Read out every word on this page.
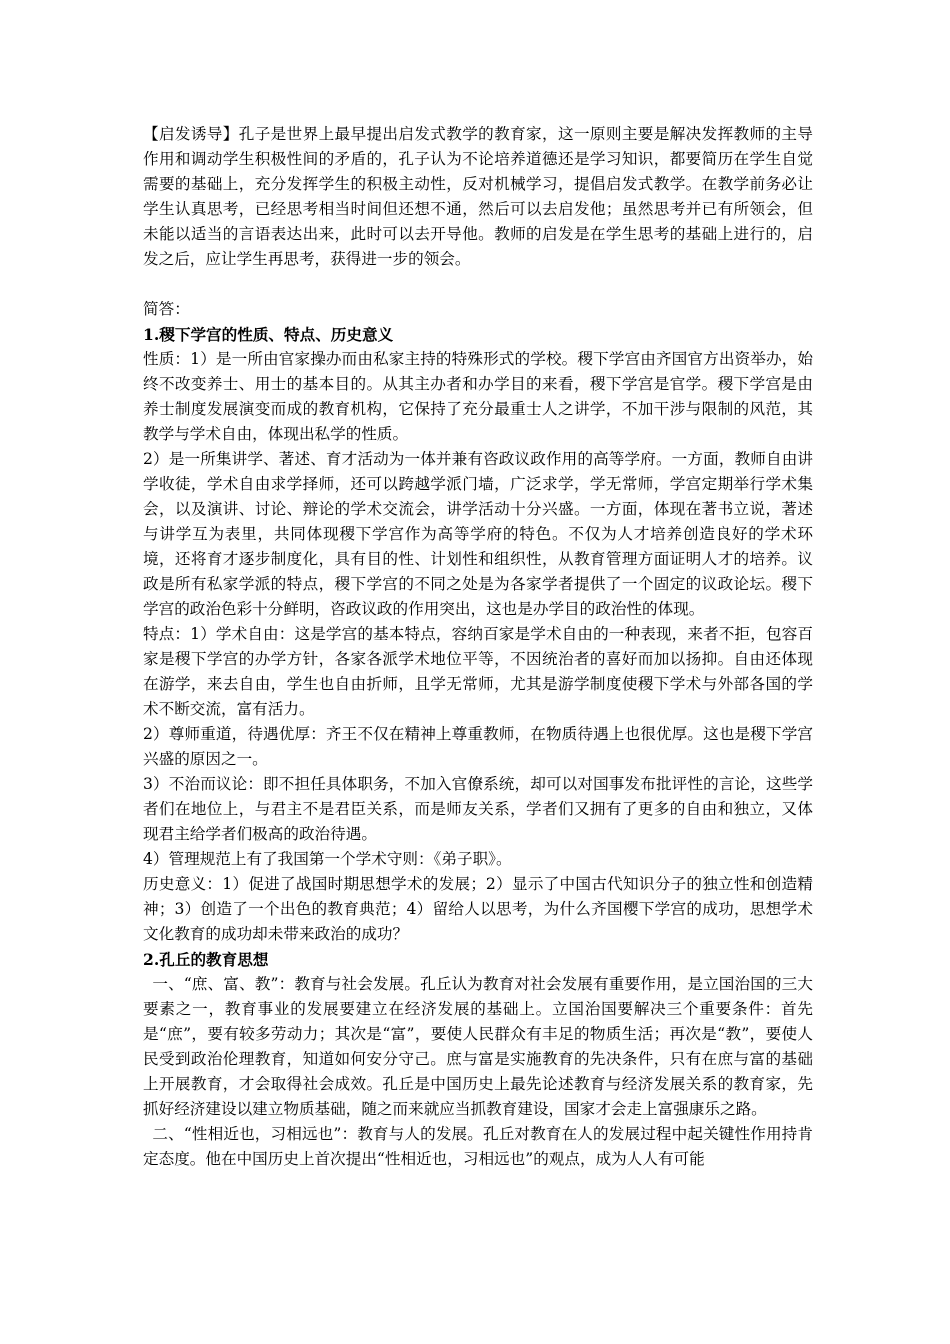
【启发诱导】孔子是世界上最早提出启发式教学的教育家，这一原则主要是解决发挥教师的主导作用和调动学生积极性间的矛盾的，孔子认为不论培养道德还是学习知识，都要简历在学生自觉需要的基础上，充分发挥学生的积极主动性，反对机械学习，提倡启发式教学。在教学前务必让学生认真思考，已经思考相当时间但还想不通，然后可以去启发他；虽然思考并已有所领会，但未能以适当的言语表达出来，此时可以去开导他。教师的启发是在学生思考的基础上进行的，启发之后，应让学生再思考，获得进一步的领会。

简答：

1.稷下学宫的性质、特点、历史意义

性质：1）是一所由官家操办而由私家主持的特殊形式的学校。稷下学宫由齐国官方出资举办，始终不改变养士、用士的基本目的。从其主办者和办学目的来看，稷下学宫是官学。稷下学宫是由养士制度发展演变而成的教育机构，它保持了充分最重士人之讲学，不加干涉与限制的风范，其教学与学术自由，体现出私学的性质。

2）是一所集讲学、著述、育才活动为一体并兼有咨政议政作用的高等学府。一方面，教师自由讲学收徒，学术自由求学择师，还可以跨越学派门墙，广泛求学，学无常师，学宫定期举行学术集会，以及演讲、讨论、辩论的学术交流会，讲学活动十分兴盛。一方面，体现在著书立说，著述与讲学互为表里，共同体现稷下学宫作为高等学府的特色。不仅为人才培养创造良好的学术环境，还将育才逐步制度化，具有目的性、计划性和组织性，从教育管理方面证明人才的培养。议政是所有私家学派的特点，稷下学宫的不同之处是为各家学者提供了一个固定的议政论坛。稷下学宫的政治色彩十分鲜明，咨政议政的作用突出，这也是办学目的政治性的体现。

特点：1）学术自由：这是学宫的基本特点，容纳百家是学术自由的一种表现，来者不拒，包容百家是稷下学宫的办学方针，各家各派学术地位平等，不因统治者的喜好而加以扬抑。自由还体现在游学，来去自由，学生也自由折师，且学无常师，尤其是游学制度使稷下学术与外部各国的学术不断交流，富有活力。

2）尊师重道，待遇优厚：齐王不仅在精神上尊重教师，在物质待遇上也很优厚。这也是稷下学宫兴盛的原因之一。

3）不治而议论：即不担任具体职务，不加入官僚系统，却可以对国事发布批评性的言论，这些学者们在地位上，与君主不是君臣关系，而是师友关系，学者们又拥有了更多的自由和独立，又体现君主给学者们极高的政治待遇。

4）管理规范上有了我国第一个学术守则：《弟子职》。

历史意义：1）促进了战国时期思想学术的发展；2）显示了中国古代知识分子的独立性和创造精神；3）创造了一个出色的教育典范；4）留给人以思考，为什么齐国樱下学宫的成功，思想学术文化教育的成功却未带来政治的成功？

2.孔丘的教育思想

一、“庶、富、教”：教育与社会发展。孔丘认为教育对社会发展有重要作用，是立国治国的三大要素之一，教育事业的发展要建立在经济发展的基础上。立国治国要解决三个重要条件：首先是“庶”，要有较多劳动力；其次是“富”，要使人民群众有丰足的物质生活；再次是“教”，要使人民受到政治伦理教育，知道如何安分守己。庶与富是实施教育的先决条件，只有在庶与富的基础上开展教育，才会取得社会成效。孔丘是中国历史上最先论述教育与经济发展关系的教育家，先抓好经济建设以建立物质基础，随之而来就应当抓教育建设，国家才会走上富强康乐之路。

二、“性相近也，习相远也”：教育与人的发展。孔丘对教育在人的发展过程中起关键性作用持肯定态度。他在中国历史上首次提出“性相近也，习相远也”的观点，成为人人有可能
